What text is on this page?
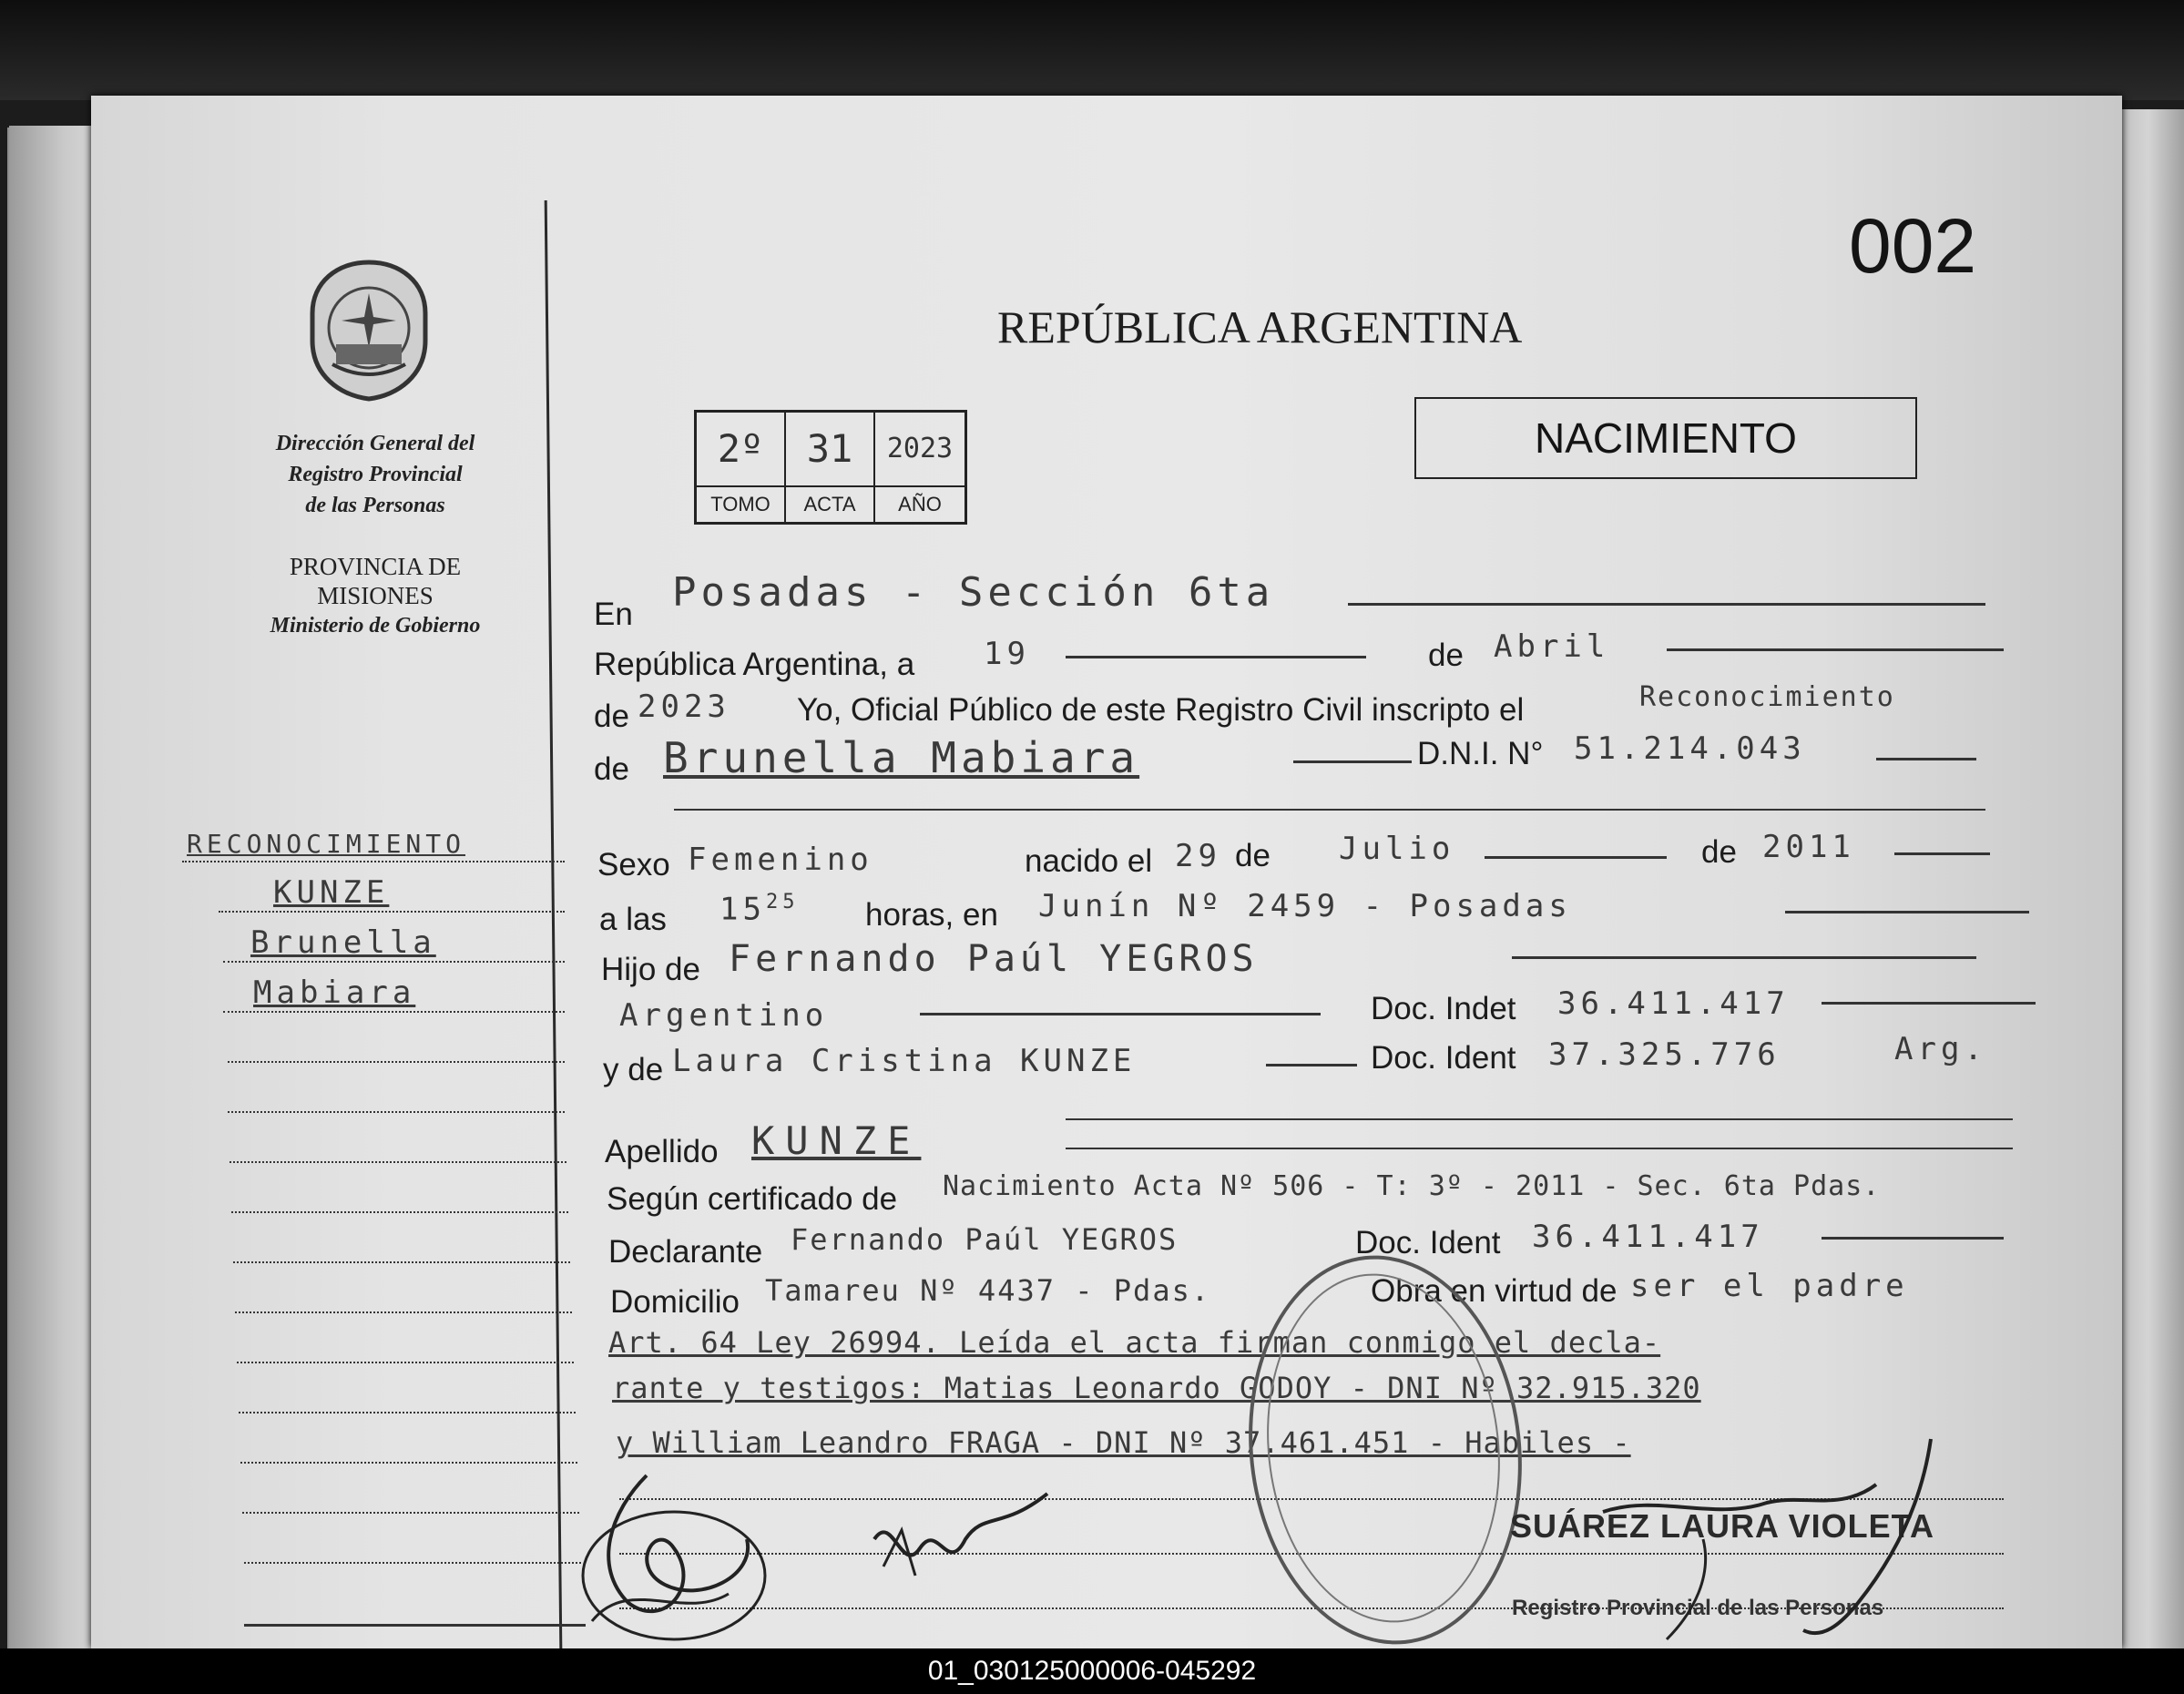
002
REPÚBLICA ARGENTINA
NACIMIENTO
2º	31	2023
TOMO	ACTA	AÑO
Dirección General del
Registro Provincial
de las Personas
PROVINCIA DE
MISIONES
Ministerio de Gobierno
RECONOCIMIENTO
KUNZE
Brunella
Mabiara
En Posadas - Sección 6ta
República Argentina, a 19	de Abril
de 2023 Yo, Oficial Público de este Registro Civil inscripto el	Reconocimiento
de Brunella Mabiara	D.N.I. N° 51.214.043
Sexo Femenino	nacido el 29 de Julio	de 2011
a las $15^{25}$ horas, en Junín Nº 2459 - Posadas
Hijo de Fernando Paúl YEGROS
Argentino	Doc. Indet 36.411.417
y de Laura Cristina KUNZE	Doc. Ident 37.325.776	Arg.
Apellido KUNZE
Según certificado de Nacimiento Acta Nº 506 - T: 3º - 2011 - Sec. 6ta Pdas.
Declarante Fernando Paúl YEGROS	Doc. Ident 36.411.417
Domicilio Tamareu Nº 4437 - Pdas.	Obra en virtud de ser el padre
Art. 64 Ley 26994. Leída el acta firman conmigo el decla-
rante y testigos: Matias Leonardo GODOY - DNI Nº 32.915.320
y William Leandro FRAGA - DNI Nº 37.461.451 - Habiles -
SUÁREZ LAURA VIOLETA
Registro Provincial de las Personas
01_030125000006-045292
